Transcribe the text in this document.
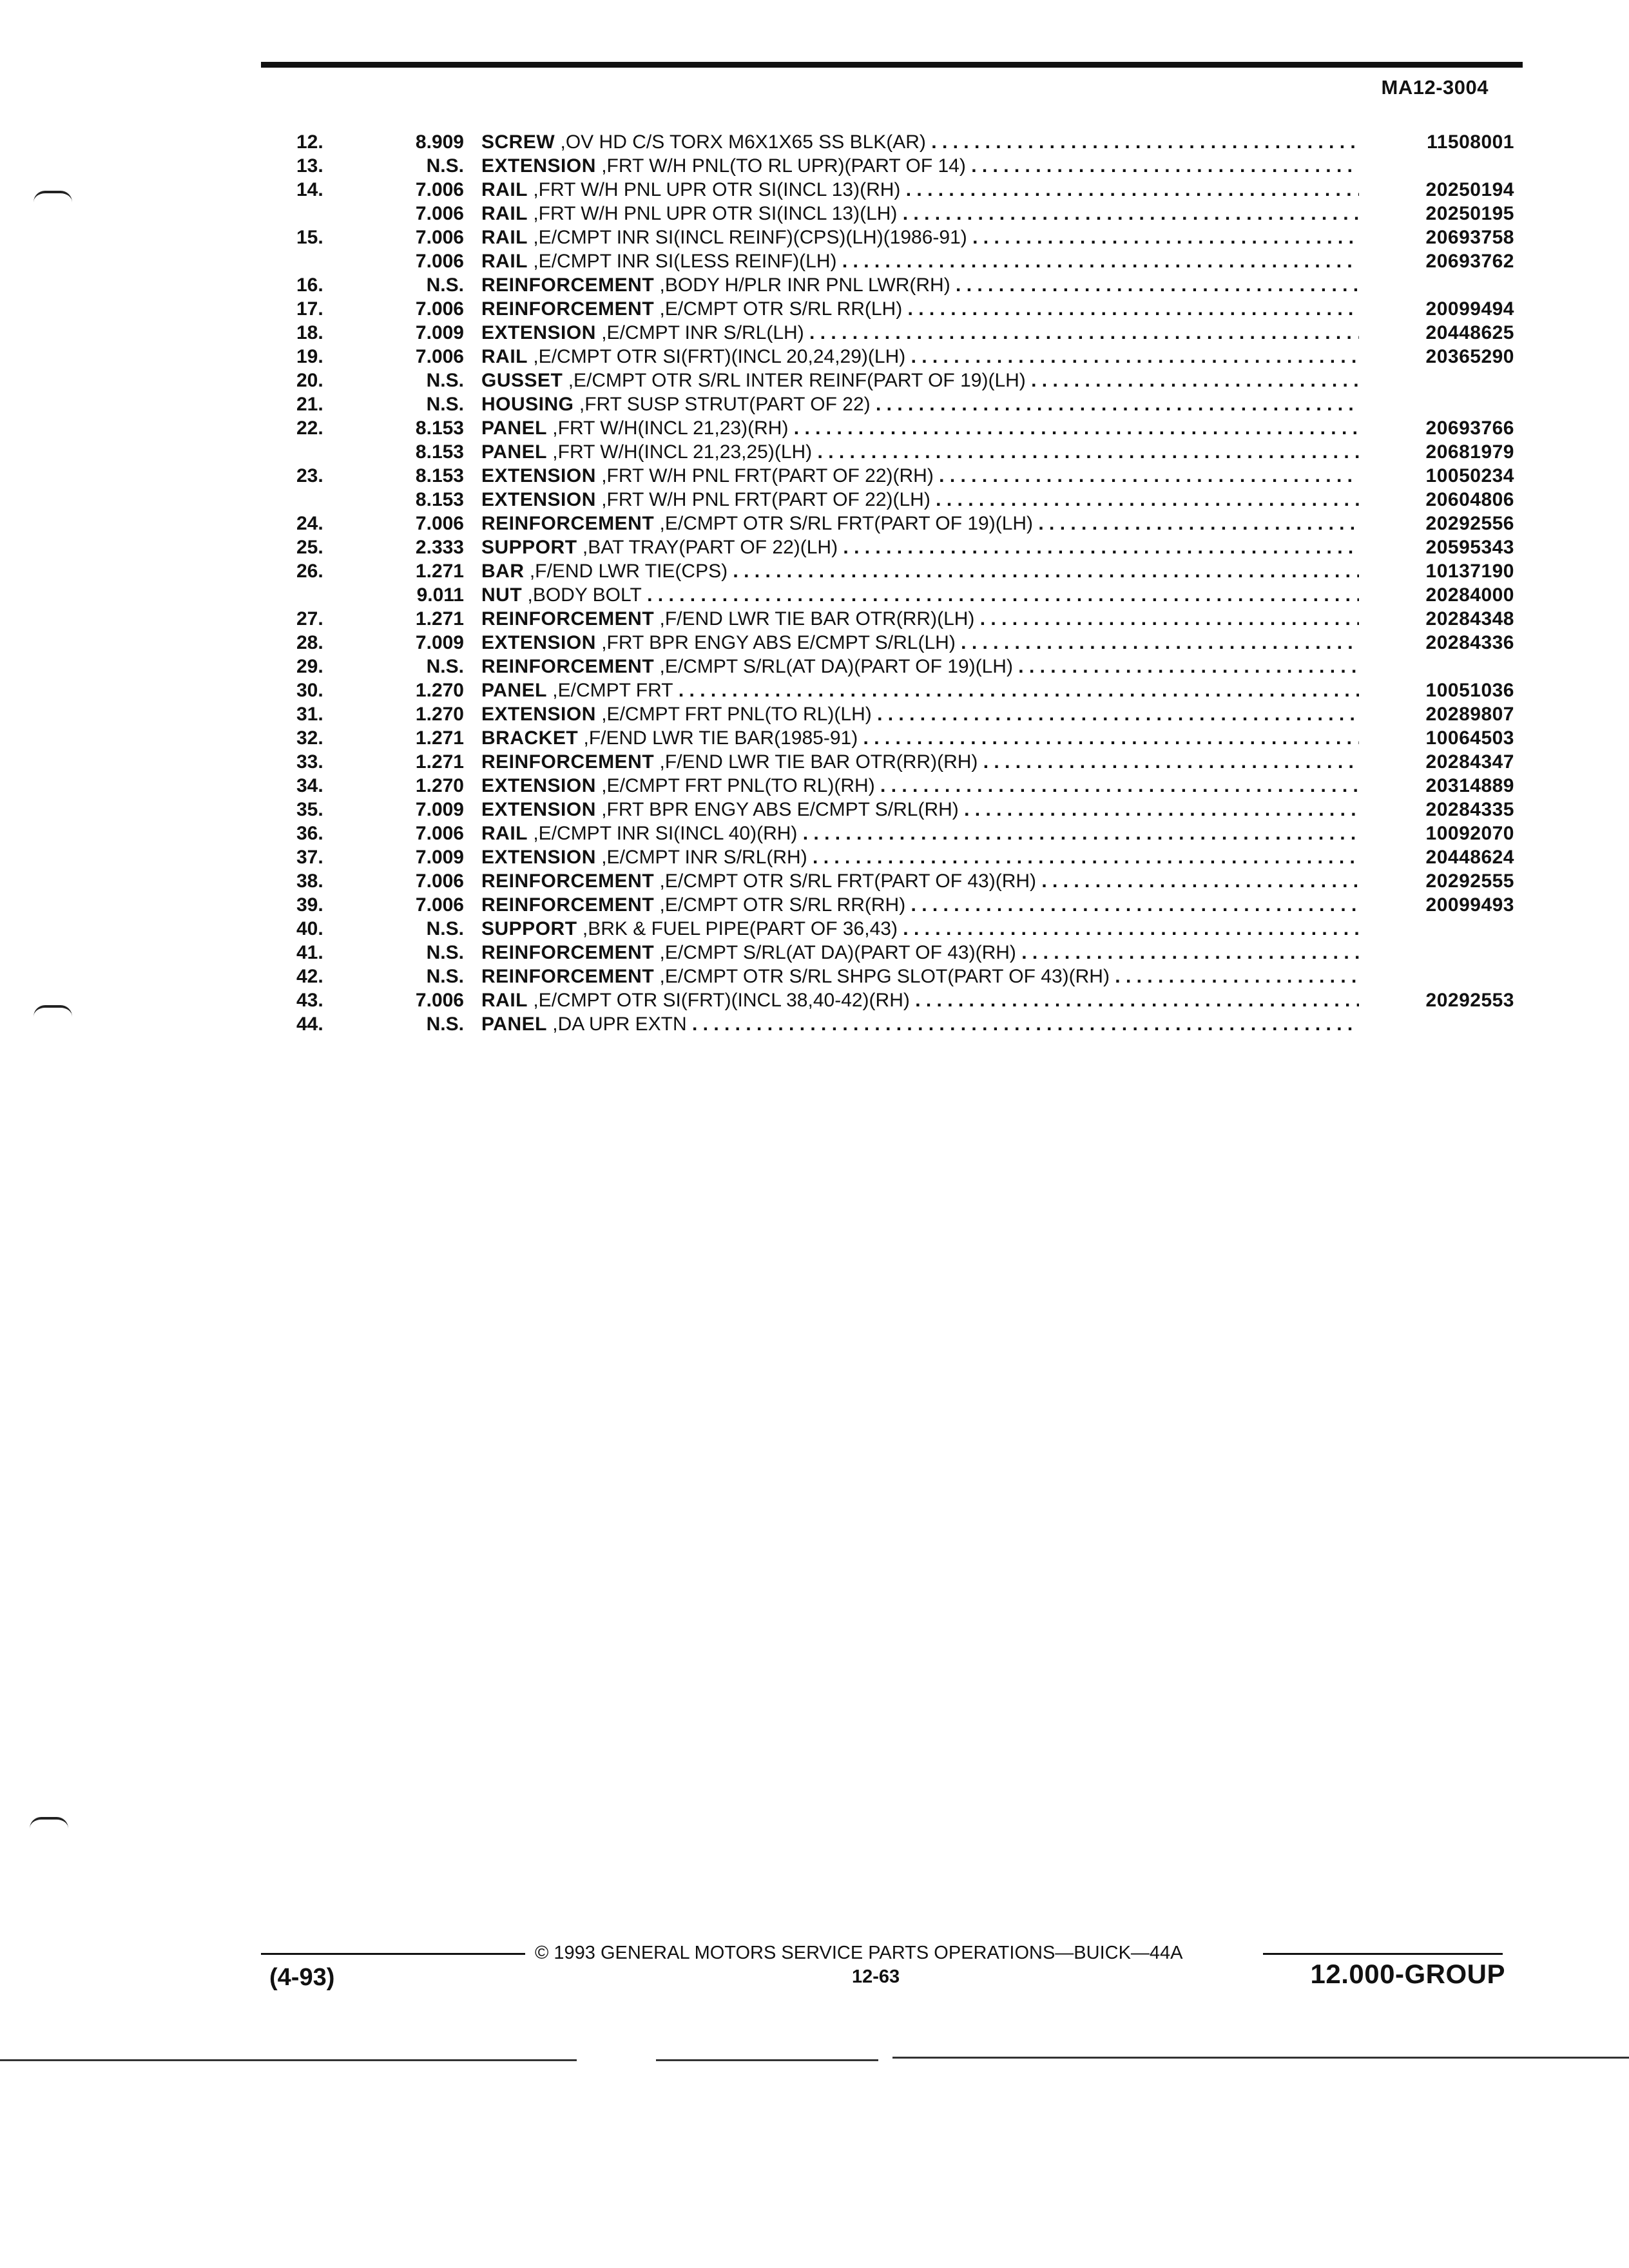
MA12-3004
12.	8.909 SCREW ,OV HD C/S TORX M6X1X65 SS BLK(AR) . . .	11508001
13.	N.S. EXTENSION ,FRT W/H PNL(TO RL UPR)(PART OF 14) . . .
14.	7.006 RAIL ,FRT W/H PNL UPR OTR SI(INCL 13)(RH) . . .	20250194
7.006 RAIL ,FRT W/H PNL UPR OTR SI(INCL 13)(LH) . . .	20250195
15.	7.006 RAIL ,E/CMPT INR SI(INCL REINF)(CPS)(LH)(1986-91) . . .	20693758
7.006 RAIL ,E/CMPT INR SI(LESS REINF)(LH) . . .	20693762
16.	N.S. REINFORCEMENT ,BODY H/PLR INR PNL LWR(RH) . . .
17.	7.006 REINFORCEMENT ,E/CMPT OTR S/RL RR(LH) . . .	20099494
18.	7.009 EXTENSION ,E/CMPT INR S/RL(LH) . . .	20448625
19.	7.006 RAIL ,E/CMPT OTR SI(FRT)(INCL 20,24,29)(LH) . . .	20365290
20.	N.S. GUSSET ,E/CMPT OTR S/RL INTER REINF(PART OF 19)(LH) . . .
21.	N.S. HOUSING ,FRT SUSP STRUT(PART OF 22) . . .
22.	8.153 PANEL ,FRT W/H(INCL 21,23)(RH) . . .	20693766
8.153 PANEL ,FRT W/H(INCL 21,23,25)(LH) . . .	20681979
23.	8.153 EXTENSION ,FRT W/H PNL FRT(PART OF 22)(RH) . . .	10050234
8.153 EXTENSION ,FRT W/H PNL FRT(PART OF 22)(LH) . . .	20604806
24.	7.006 REINFORCEMENT ,E/CMPT OTR S/RL FRT(PART OF 19)(LH) . . .	20292556
25.	2.333 SUPPORT ,BAT TRAY(PART OF 22)(LH) . . .	20595343
26.	1.271 BAR ,F/END LWR TIE(CPS) . . .	10137190
9.011 NUT ,BODY BOLT . . .	20284000
27.	1.271 REINFORCEMENT ,F/END LWR TIE BAR OTR(RR)(LH) . . .	20284348
28.	7.009 EXTENSION ,FRT BPR ENGY ABS E/CMPT S/RL(LH) . . .	20284336
29.	N.S. REINFORCEMENT ,E/CMPT S/RL(AT DA)(PART OF 19)(LH) . . .
30.	1.270 PANEL ,E/CMPT FRT . . .	10051036
31.	1.270 EXTENSION ,E/CMPT FRT PNL(TO RL)(LH) . . .	20289807
32.	1.271 BRACKET ,F/END LWR TIE BAR(1985-91) . . .	10064503
33.	1.271 REINFORCEMENT ,F/END LWR TIE BAR OTR(RR)(RH) . . .	20284347
34.	1.270 EXTENSION ,E/CMPT FRT PNL(TO RL)(RH) . . .	20314889
35.	7.009 EXTENSION ,FRT BPR ENGY ABS E/CMPT S/RL(RH) . . .	20284335
36.	7.006 RAIL ,E/CMPT INR SI(INCL 40)(RH) . . .	10092070
37.	7.009 EXTENSION ,E/CMPT INR S/RL(RH) . . .	20448624
38.	7.006 REINFORCEMENT ,E/CMPT OTR S/RL FRT(PART OF 43)(RH) . . .	20292555
39.	7.006 REINFORCEMENT ,E/CMPT OTR S/RL RR(RH) . . .	20099493
40.	N.S. SUPPORT ,BRK & FUEL PIPE(PART OF 36,43) . . .
41.	N.S. REINFORCEMENT ,E/CMPT S/RL(AT DA)(PART OF 43)(RH) . . .
42.	N.S. REINFORCEMENT ,E/CMPT OTR S/RL SHPG SLOT(PART OF 43)(RH) . . .
43.	7.006 RAIL ,E/CMPT OTR SI(FRT)(INCL 38,40-42)(RH) . . .	20292553
44.	N.S. PANEL ,DA UPR EXTN . . .
© 1993 GENERAL MOTORS SERVICE PARTS OPERATIONS—BUICK—44A
(4-93)	12-63	12.000-GROUP
